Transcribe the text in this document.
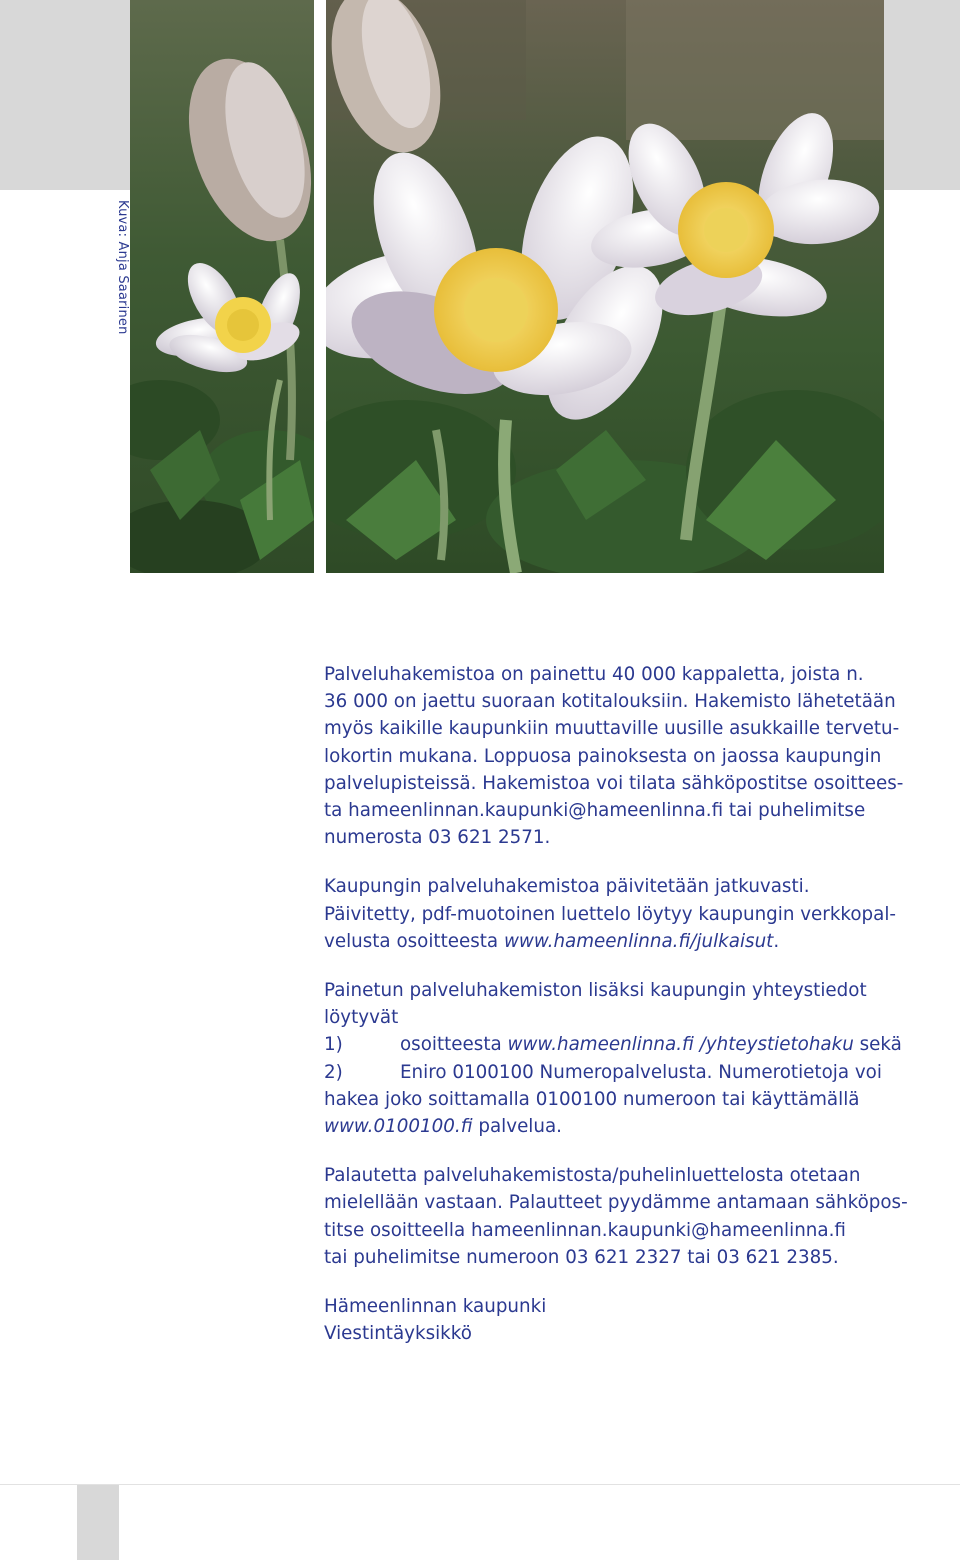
Kuva: Anja Saarinen

Palveluhakemistoa on painettu 40 000 kappaletta, joista n.
36 000 on jaettu suoraan kotitalouksiin. Hakemisto lähetetään
myös kaikille kaupunkiin muuttaville uusille asukkaille tervetu-
lokortin mukana. Loppuosa painoksesta on jaossa kaupungin
palvelupisteissä. Hakemistoa voi tilata sähköpostitse osoittees-
ta hameenlinnan.kaupunki@hameenlinna.fi tai puhelimitse
numerosta 03 621 2571.

Kaupungin palveluhakemistoa päivitetään jatkuvasti.
Päivitetty, pdf-muotoinen luettelo löytyy kaupungin verkkopal-
velusta osoitteesta www.hameenlinna.fi/julkaisut.

Painetun palveluhakemiston lisäksi kaupungin yhteystiedot
löytyvät
1)	osoitteesta www.hameenlinna.fi /yhteystietohaku sekä
2)	Eniro 0100100 Numeropalvelusta. Numerotietoja voi
hakea joko soittamalla 0100100 numeroon tai käyttämällä
www.0100100.fi palvelua.

Palautetta palveluhakemistosta/puhelinluettelosta otetaan
mielellään vastaan. Palautteet pyydämme antamaan sähköpos-
titse osoitteella hameenlinnan.kaupunki@hameenlinna.fi
tai puhelimitse numeroon 03 621 2327 tai 03 621 2385.

Hämeenlinnan kaupunki
Viestintäyksikkö
